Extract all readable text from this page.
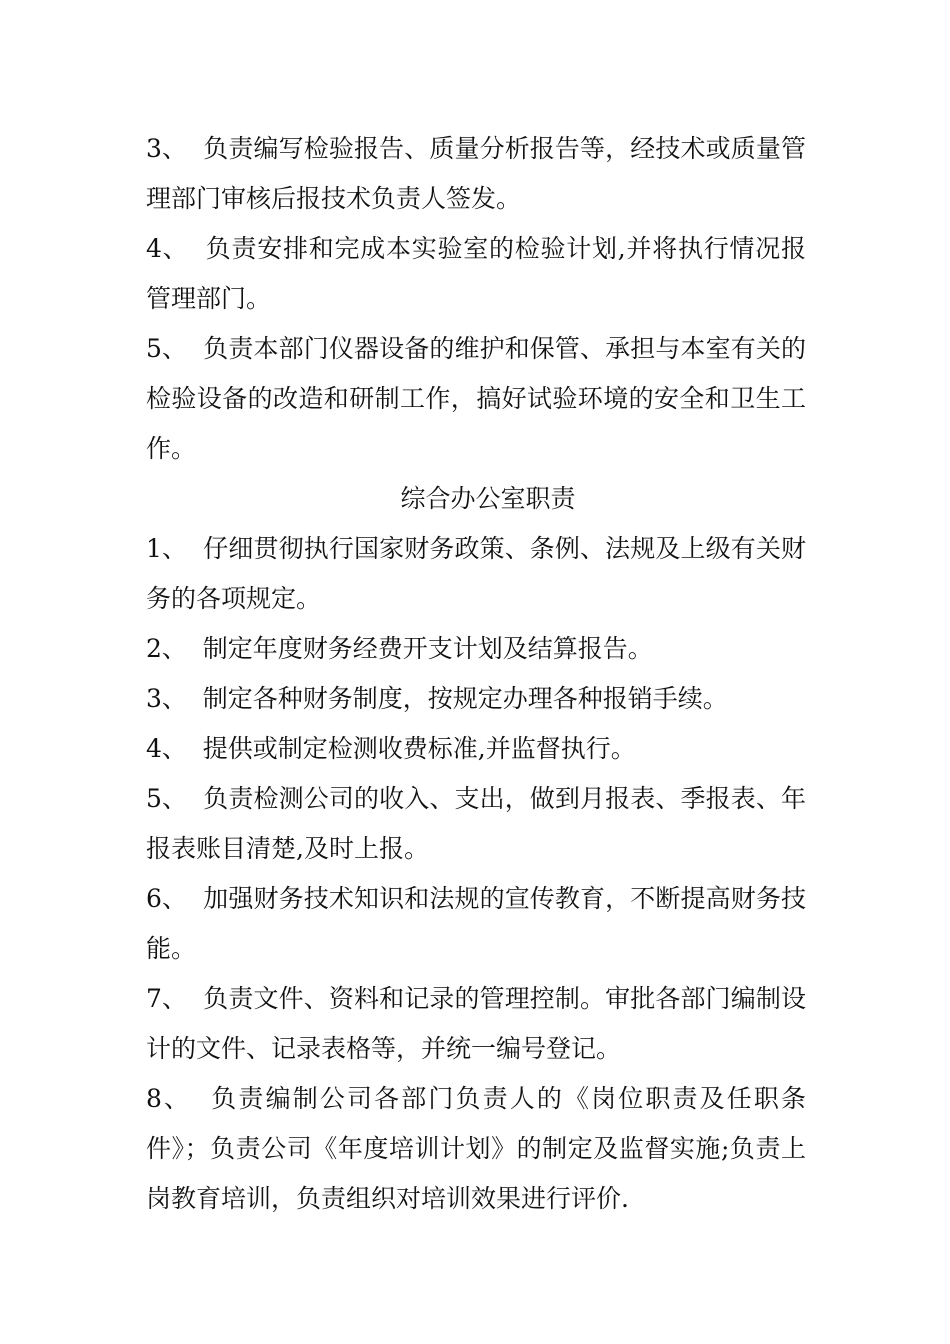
3、  负责编写检验报告、质量分析报告等，经技术或质量管理部门审核后报技术负责人签发。

4、  负责安排和完成本实验室的检验计划,并将执行情况报管理部门。

5、  负责本部门仪器设备的维护和保管、承担与本室有关的检验设备的改造和研制工作，搞好试验环境的安全和卫生工作。

综合办公室职责

1、  仔细贯彻执行国家财务政策、条例、法规及上级有关财务的各项规定。

2、  制定年度财务经费开支计划及结算报告。

3、  制定各种财务制度，按规定办理各种报销手续。

4、  提供或制定检测收费标准,并监督执行。

5、  负责检测公司的收入、支出，做到月报表、季报表、年报表账目清楚,及时上报。

6、  加强财务技术知识和法规的宣传教育，不断提高财务技能。

7、  负责文件、资料和记录的管理控制。审批各部门编制设计的文件、记录表格等，并统一编号登记。

8、  负责编制公司各部门负责人的《岗位职责及任职条件》；负责公司《年度培训计划》的制定及监督实施;负责上岗教育培训，负责组织对培训效果进行评价.
